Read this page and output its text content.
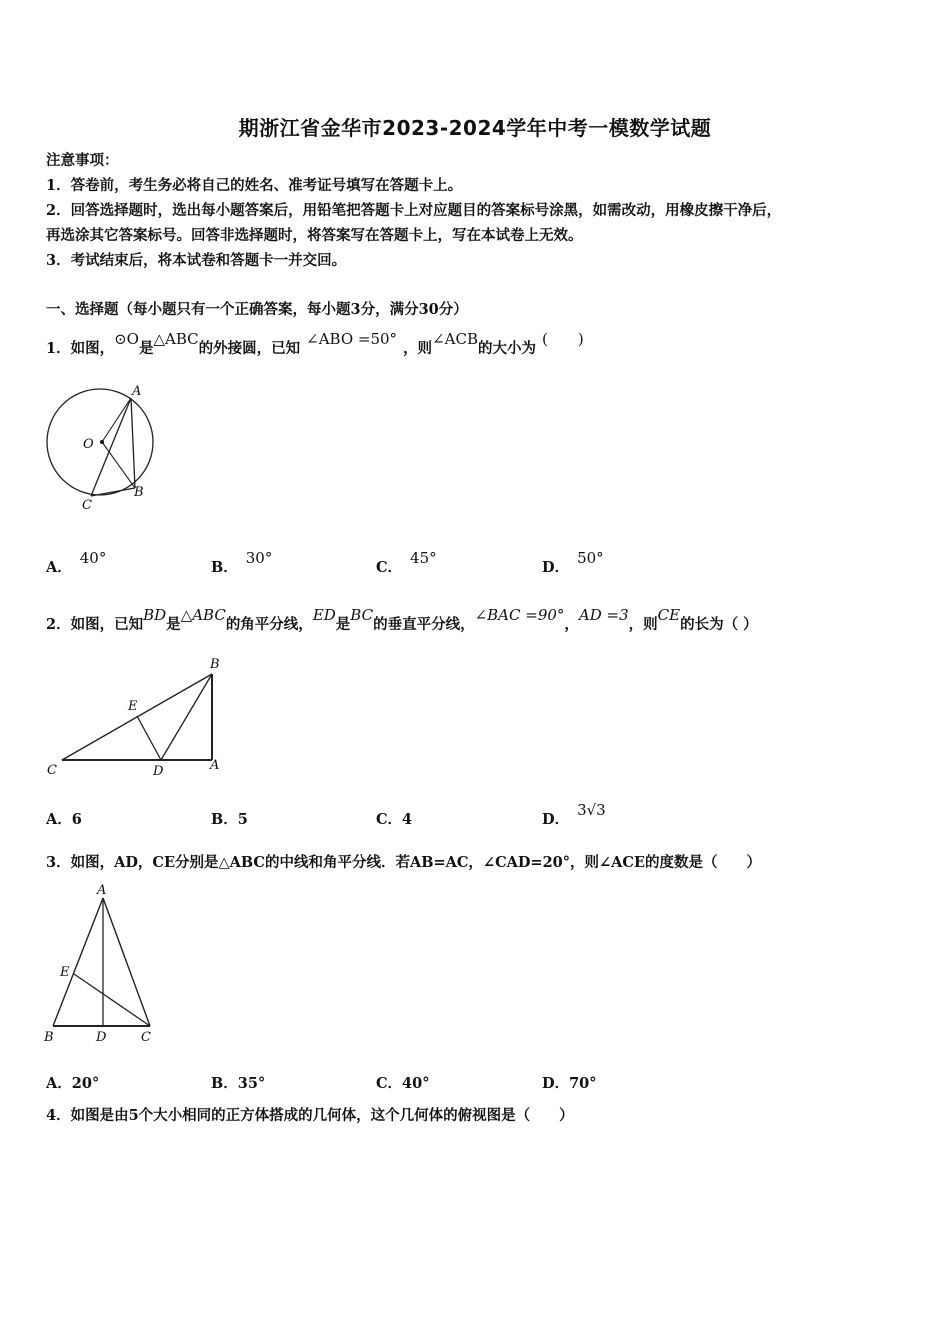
期浙江省金华市2023-2024学年中考一模数学试题
注意事项：
1．答卷前，考生务必将自己的姓名、准考证号填写在答题卡上。
2．回答选择题时，选出每小题答案后，用铅笔把答题卡上对应题目的答案标号涂黑，如需改动，用橡皮擦干净后，
再选涂其它答案标号。回答非选择题时，将答案写在答题卡上，写在本试卷上无效。
3．考试结束后，将本试卷和答题卡一并交回。
一、选择题（每小题只有一个正确答案，每小题3分，满分30分）
1．如图，⊙O是△ABC的外接圆，已知∠ABO =50°，则∠ACB的大小为(　　)
A
O
C
B
A．40°
B．30°
C．45°
D．50°
2．如图，已知BD是△ABC的角平分线，ED是BC的垂直平分线，∠BAC =90°，AD =3，则CE的长为（ ）
B
E
C	D	A
A．6	B．5	C．4	D．3√3
3．如图，AD，CE分别是△ABC的中线和角平分线．若AB=AC，∠CAD=20°，则∠ACE的度数是（　　）
A
E
B	D	C
A．20°	B．35°	C．40°	D．70°
4．如图是由5个大小相同的正方体搭成的几何体，这个几何体的俯视图是（　　）
